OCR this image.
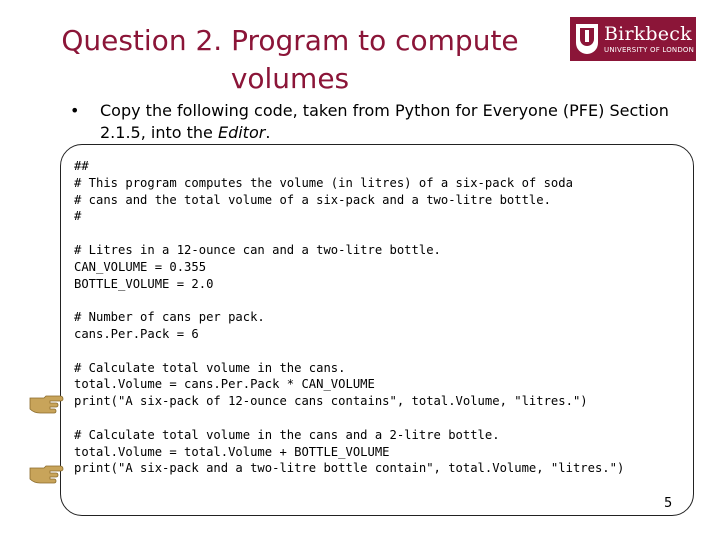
Question 2. Program to compute
volumes
Birkbeck
UNIVERSITY OF LONDON
•	Copy the following code, taken from Python for Everyone (PFE) Section 2.1.5, into the Editor.
##
# This program computes the volume (in litres) of a six-pack of soda
# cans and the total volume of a six-pack and a two-litre bottle.
#
# Litres in a 12-ounce can and a two-litre bottle.
CAN_VOLUME = 0.355
BOTTLE_VOLUME = 2.0
# Number of cans per pack.
cans.Per.Pack = 6
# Calculate total volume in the cans.
total.Volume = cans.Per.Pack * CAN_VOLUME
print("A six-pack of 12-ounce cans contains", total.Volume, "litres.")
# Calculate total volume in the cans and a 2-litre bottle.
total.Volume = total.Volume + BOTTLE_VOLUME
print("A six-pack and a two-litre bottle contain", total.Volume, "litres.")
5
